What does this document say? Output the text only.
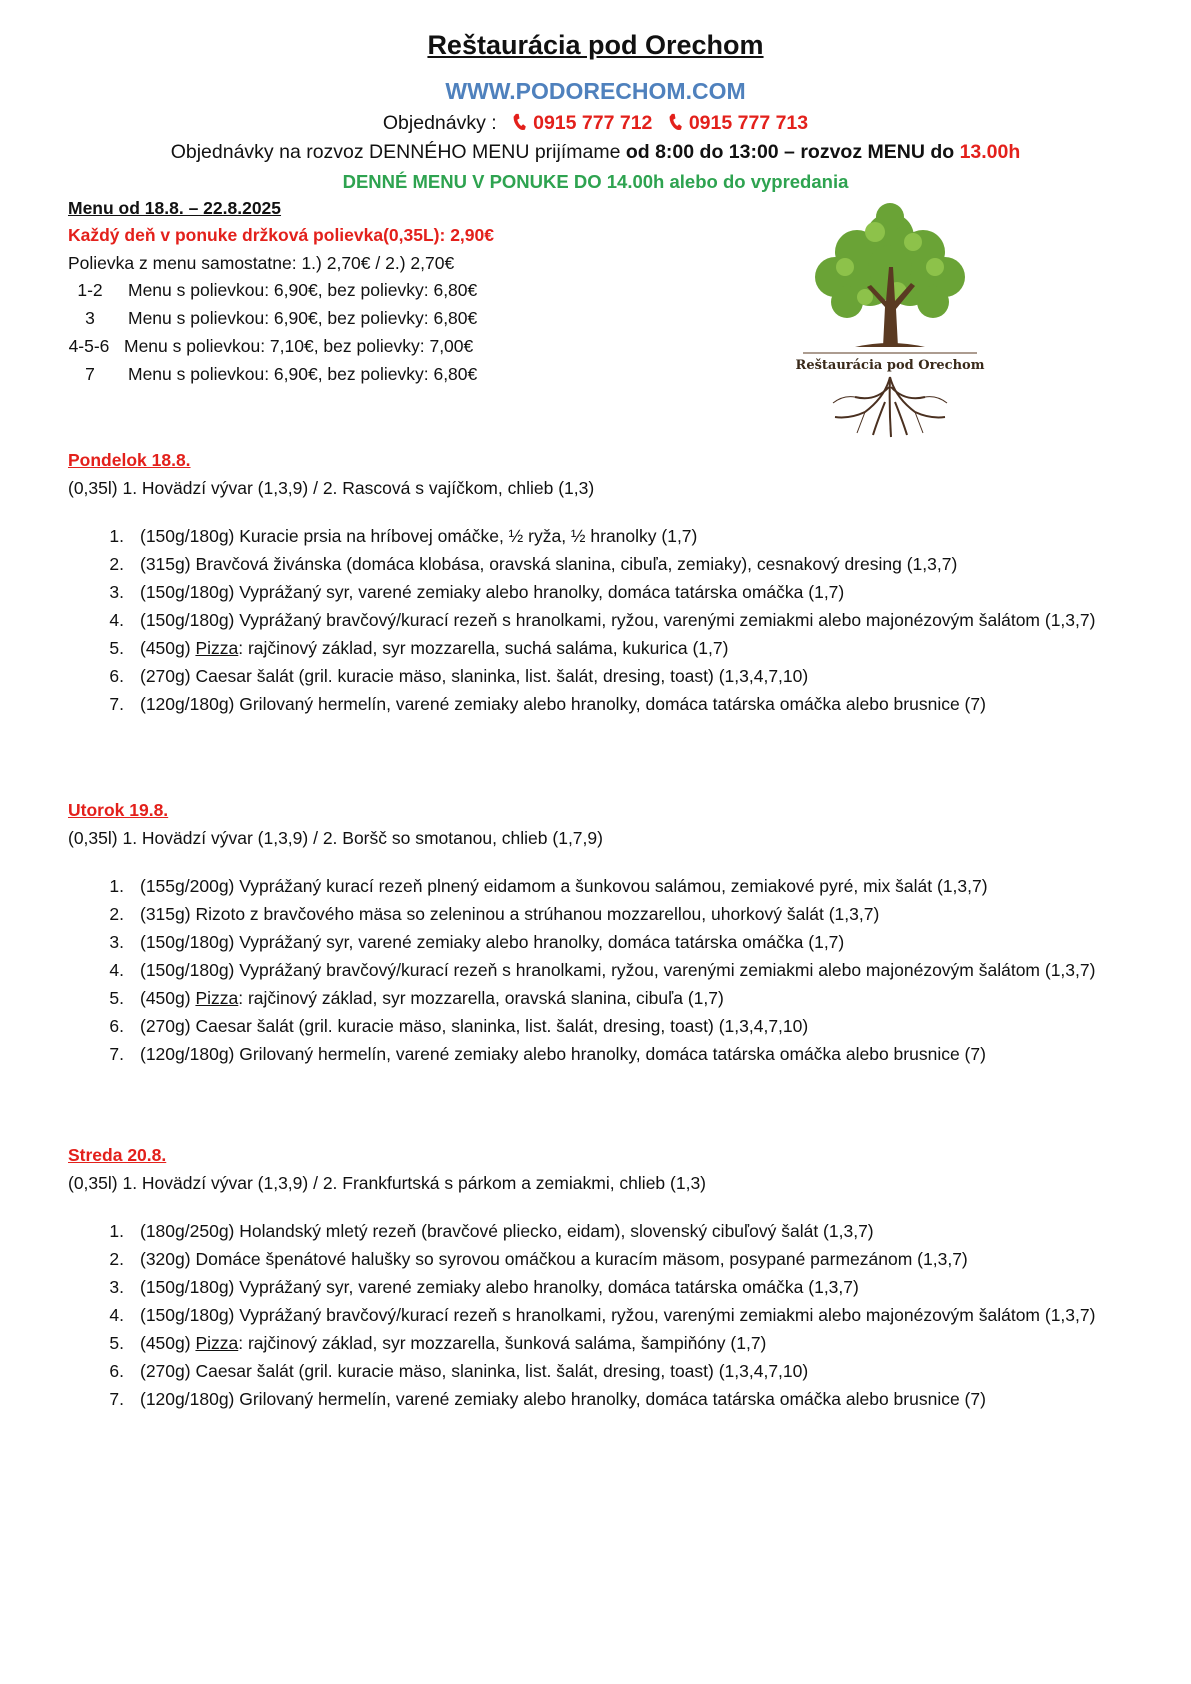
Reštaurácia pod Orechom
WWW.PODORECHOM.COM
Objednávky : 0915 777 712 0915 777 713
Objednávky na rozvoz DENNÉHO MENU prijímame od 8:00 do 13:00 – rozvoz MENU do 13.00h
DENNÉ MENU V PONUKE DO 14.00h alebo do vypredania
Menu od 18.8. – 22.8.2025
Každý deň v ponuke držková polievka(0,35L): 2,90€
Polievka z menu samostatne: 1.) 2,70€ / 2.) 2,70€
1-2	Menu s polievkou: 6,90€, bez polievky: 6,80€
3	Menu s polievkou: 6,90€, bez polievky: 6,80€
4-5-6 Menu s polievkou: 7,10€, bez polievky: 7,00€
7	Menu s polievkou: 6,90€, bez polievky: 6,80€	Reštaurácia pod Orechom
Pondelok 18.8.
(0,35l) 1. Hovädzí vývar (1,3,9) / 2. Rascová s vajíčkom, chlieb (1,3)
1. (150g/180g) Kuracie prsia na hríbovej omáčke, ½ ryža, ½ hranolky (1,7)
2. (315g) Bravčová živánska (domáca klobása, oravská slanina, cibuľa, zemiaky), cesnakový dresing (1,3,7)
3. (150g/180g) Vyprážaný syr, varené zemiaky alebo hranolky, domáca tatárska omáčka (1,7)
4. (150g/180g) Vyprážaný bravčový/kurací rezeň s hranolkami, ryžou, varenými zemiakmi alebo majonézovým šalátom (1,3,7)
5. (450g) Pizza: rajčinový základ, syr mozzarella, suchá saláma, kukurica (1,7)
6. (270g) Caesar šalát (gril. kuracie mäso, slaninka, list. šalát, dresing, toast) (1,3,4,7,10)
7. (120g/180g) Grilovaný hermelín, varené zemiaky alebo hranolky, domáca tatárska omáčka alebo brusnice (7)
Utorok 19.8.
(0,35l) 1. Hovädzí vývar (1,3,9) / 2. Boršč so smotanou, chlieb (1,7,9)
1. (155g/200g) Vyprážaný kurací rezeň plnený eidamom a šunkovou salámou, zemiakové pyré, mix šalát (1,3,7)
2. (315g) Rizoto z bravčového mäsa so zeleninou a strúhanou mozzarellou, uhorkový šalát (1,3,7)
3. (150g/180g) Vyprážaný syr, varené zemiaky alebo hranolky, domáca tatárska omáčka (1,7)
4. (150g/180g) Vyprážaný bravčový/kurací rezeň s hranolkami, ryžou, varenými zemiakmi alebo majonézovým šalátom (1,3,7)
5. (450g) Pizza: rajčinový základ, syr mozzarella, oravská slanina, cibuľa (1,7)
6. (270g) Caesar šalát (gril. kuracie mäso, slaninka, list. šalát, dresing, toast) (1,3,4,7,10)
7. (120g/180g) Grilovaný hermelín, varené zemiaky alebo hranolky, domáca tatárska omáčka alebo brusnice (7)
Streda 20.8.
(0,35l) 1. Hovädzí vývar (1,3,9) / 2. Frankfurtská s párkom a zemiakmi, chlieb (1,3)
1. (180g/250g) Holandský mletý rezeň (bravčové pliecko, eidam), slovenský cibuľový šalát (1,3,7)
2. (320g) Domáce špenátové halušky so syrovou omáčkou a kuracím mäsom, posypané parmezánom (1,3,7)
3. (150g/180g) Vyprážaný syr, varené zemiaky alebo hranolky, domáca tatárska omáčka (1,3,7)
4. (150g/180g) Vyprážaný bravčový/kurací rezeň s hranolkami, ryžou, varenými zemiakmi alebo majonézovým šalátom (1,3,7)
5. (450g) Pizza: rajčinový základ, syr mozzarella, šunková saláma, šampiňóny (1,7)
6. (270g) Caesar šalát (gril. kuracie mäso, slaninka, list. šalát, dresing, toast) (1,3,4,7,10)
7. (120g/180g) Grilovaný hermelín, varené zemiaky alebo hranolky, domáca tatárska omáčka alebo brusnice (7)
